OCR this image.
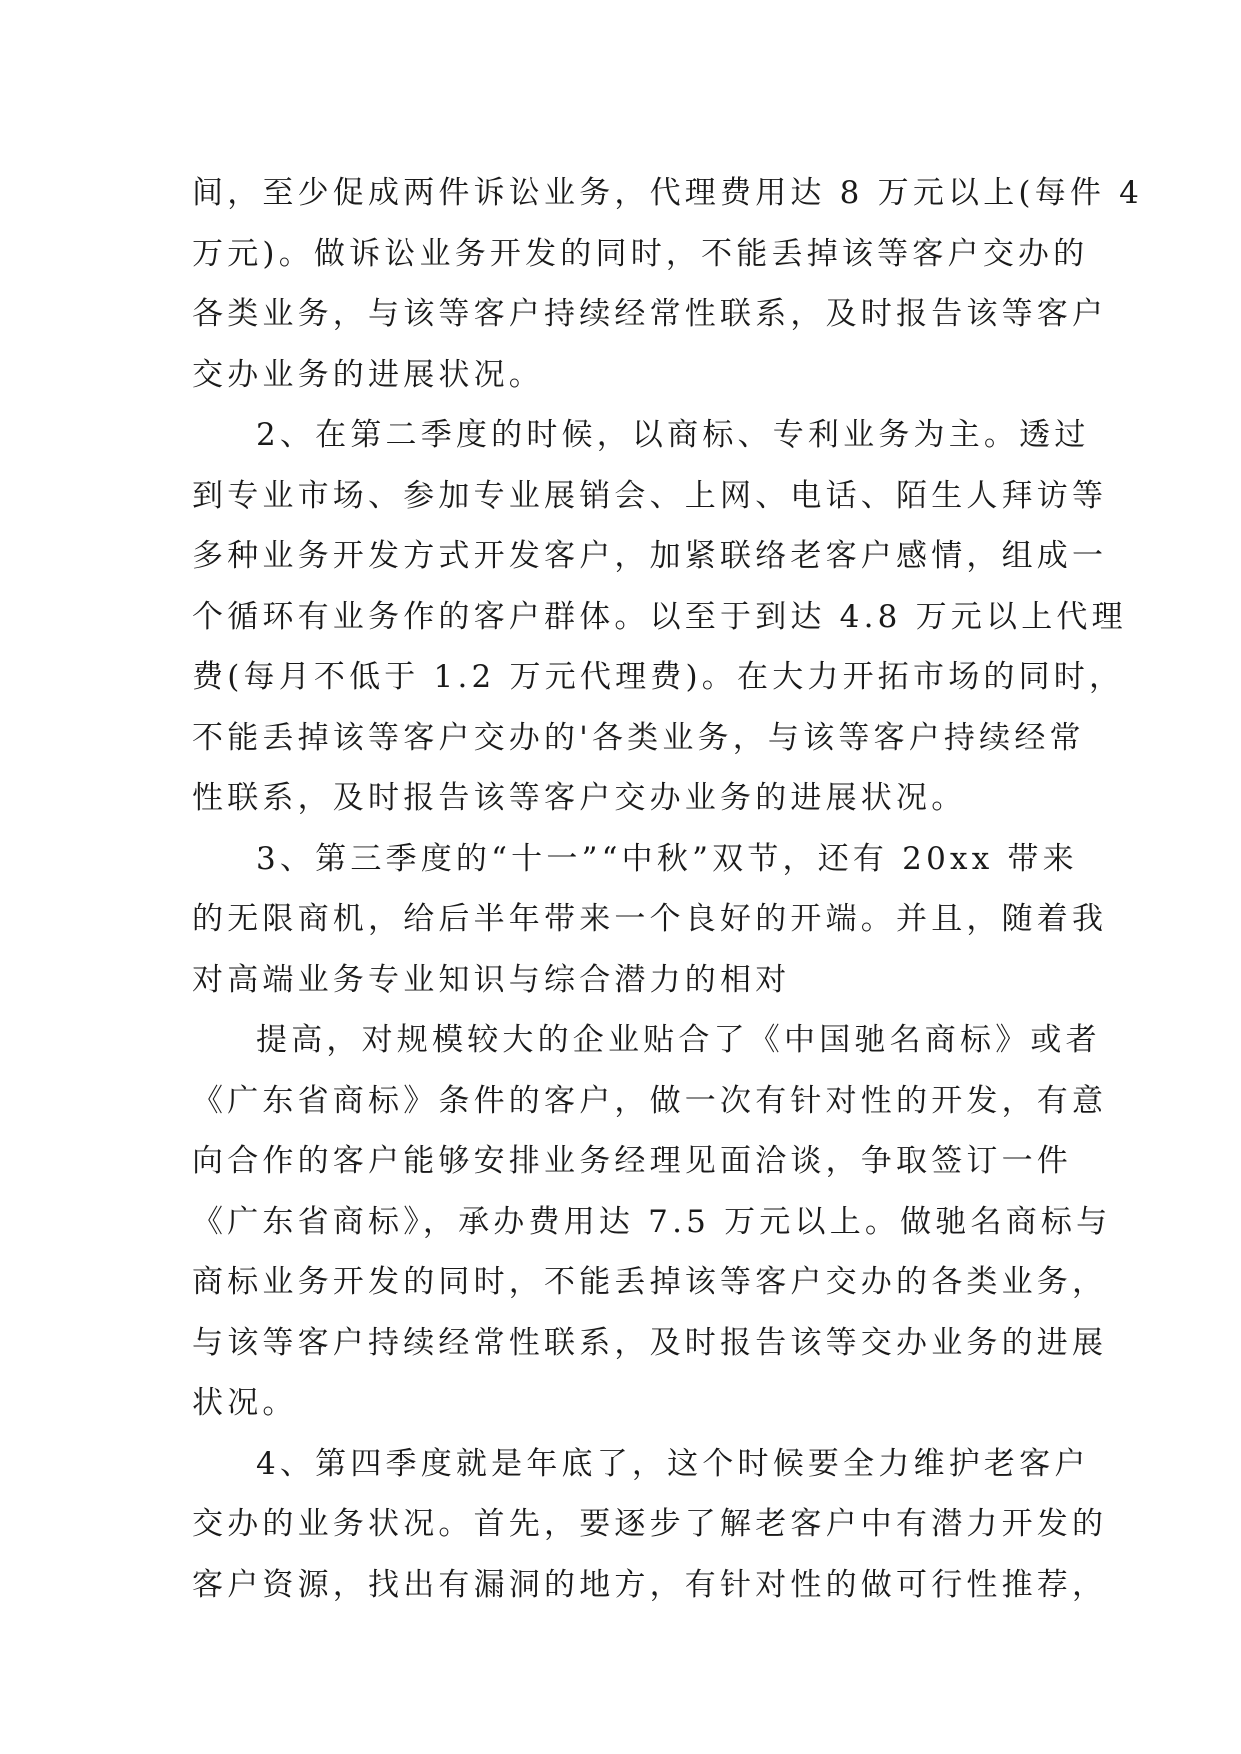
间，至少促成两件诉讼业务，代理费用达 8 万元以上(每件 4
万元)。做诉讼业务开发的同时，不能丢掉该等客户交办的
各类业务，与该等客户持续经常性联系，及时报告该等客户
交办业务的进展状况。
2、在第二季度的时候，以商标、专利业务为主。透过
到专业市场、参加专业展销会、上网、电话、陌生人拜访等
多种业务开发方式开发客户，加紧联络老客户感情，组成一
个循环有业务作的客户群体。以至于到达 4.8 万元以上代理
费(每月不低于 1.2 万元代理费)。在大力开拓市场的同时，
不能丢掉该等客户交办的'各类业务，与该等客户持续经常
性联系，及时报告该等客户交办业务的进展状况。
3、第三季度的“十一”“中秋”双节，还有 20xx 带来
的无限商机，给后半年带来一个良好的开端。并且，随着我
对高端业务专业知识与综合潜力的相对
提高，对规模较大的企业贴合了《中国驰名商标》或者
《广东省商标》条件的客户，做一次有针对性的开发，有意
向合作的客户能够安排业务经理见面洽谈，争取签订一件
《广东省商标》，承办费用达 7.5 万元以上。做驰名商标与
商标业务开发的同时，不能丢掉该等客户交办的各类业务，
与该等客户持续经常性联系，及时报告该等交办业务的进展
状况。
4、第四季度就是年底了，这个时候要全力维护老客户
交办的业务状况。首先，要逐步了解老客户中有潜力开发的
客户资源，找出有漏洞的地方，有针对性的做可行性推荐，
